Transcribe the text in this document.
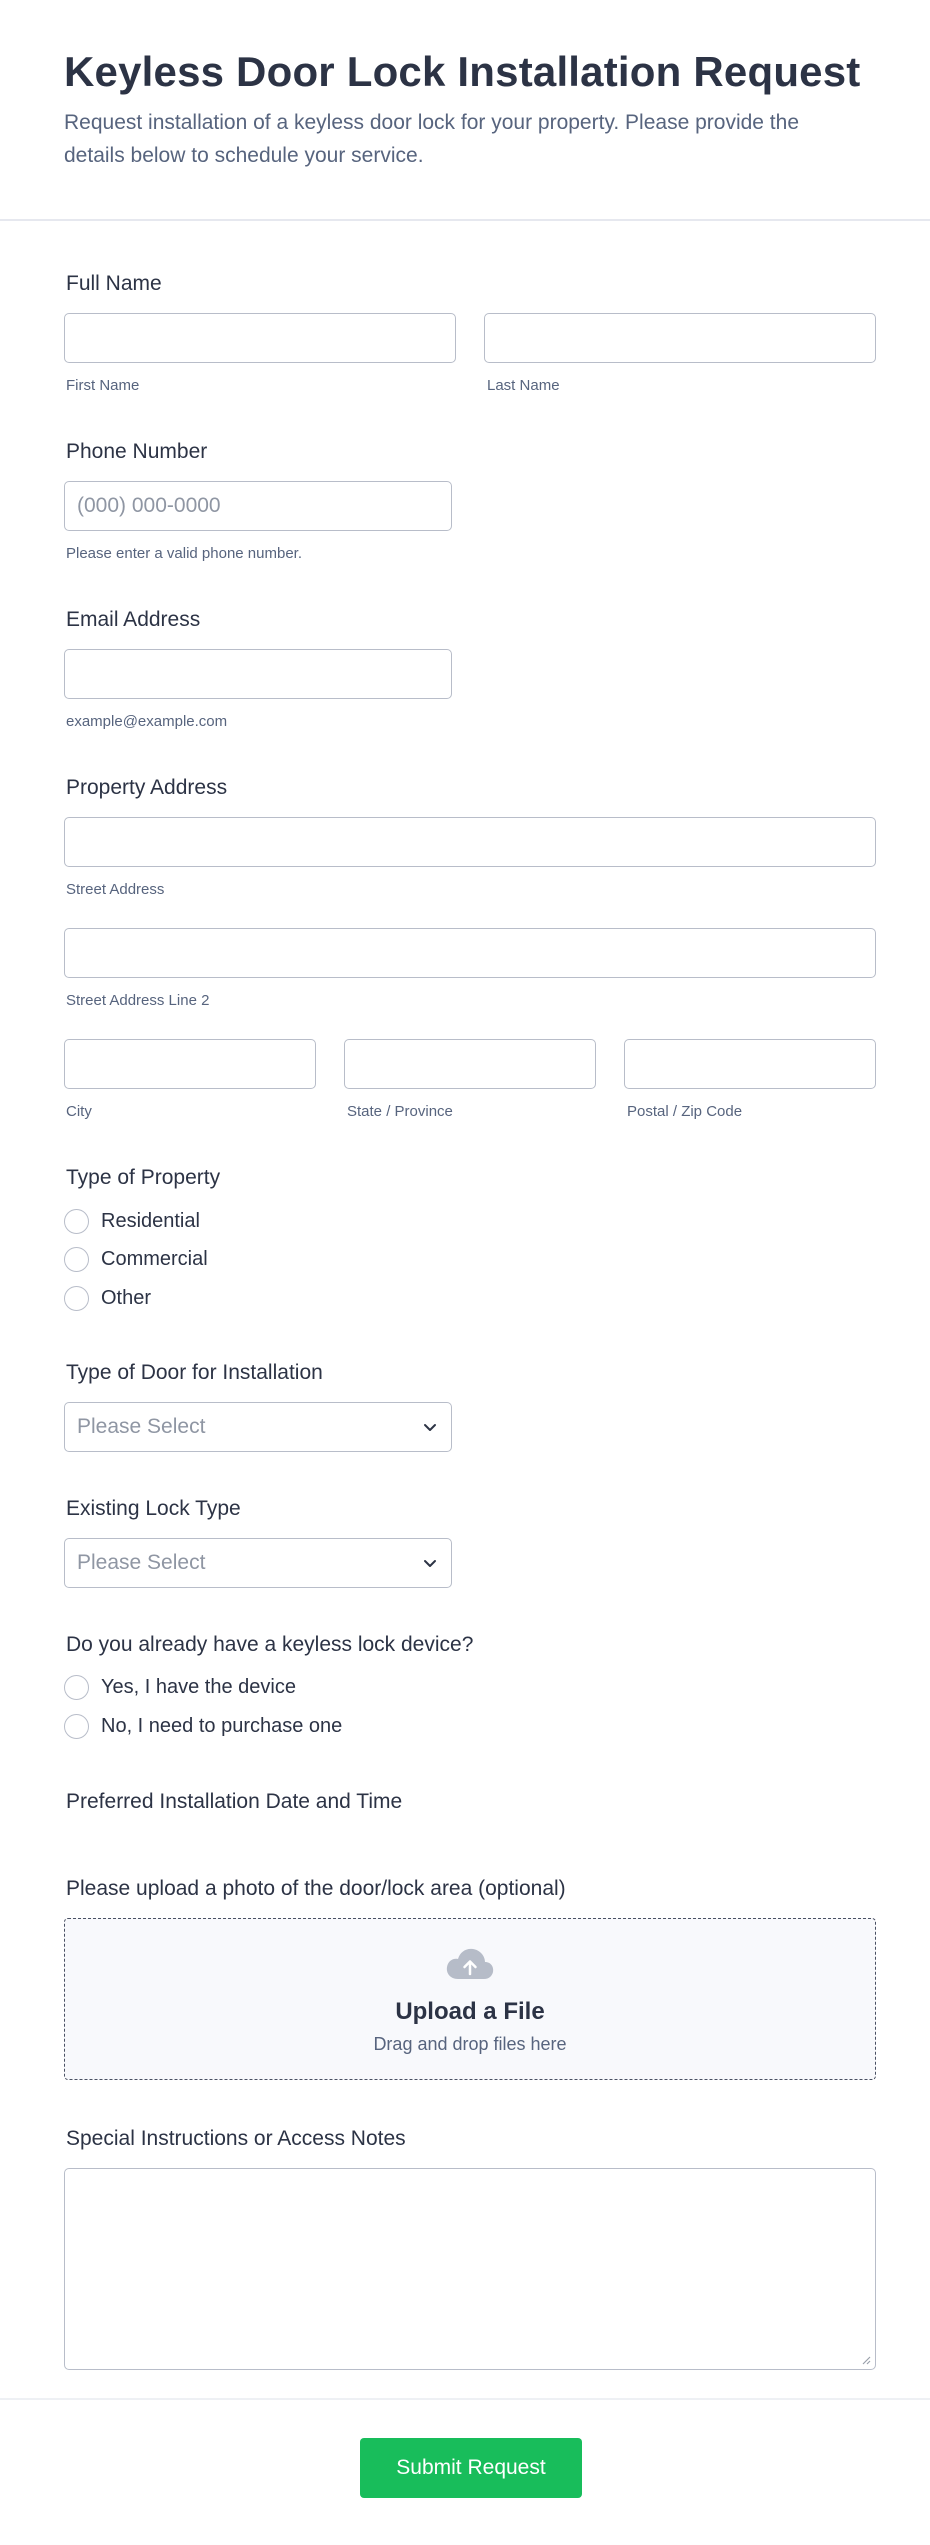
Keyless Door Lock Installation Request

Request installation of a keyless door lock for your property. Please provide the details below to schedule your service.

Full Name
First Name	Last Name
Phone Number
(000) 000-0000
Please enter a valid phone number.
Email Address
example@example.com
Property Address
Street Address
Street Address Line 2
City	State / Province	Postal / Zip Code
Type of Property
Residential
Commercial
Other
Type of Door for Installation
Please Select
Existing Lock Type
Please Select
Do you already have a keyless lock device?
Yes, I have the device
No, I need to purchase one
Preferred Installation Date and Time
Please upload a photo of the door/lock area (optional)
Upload a File
Drag and drop files here
Special Instructions or Access Notes
Submit Request
